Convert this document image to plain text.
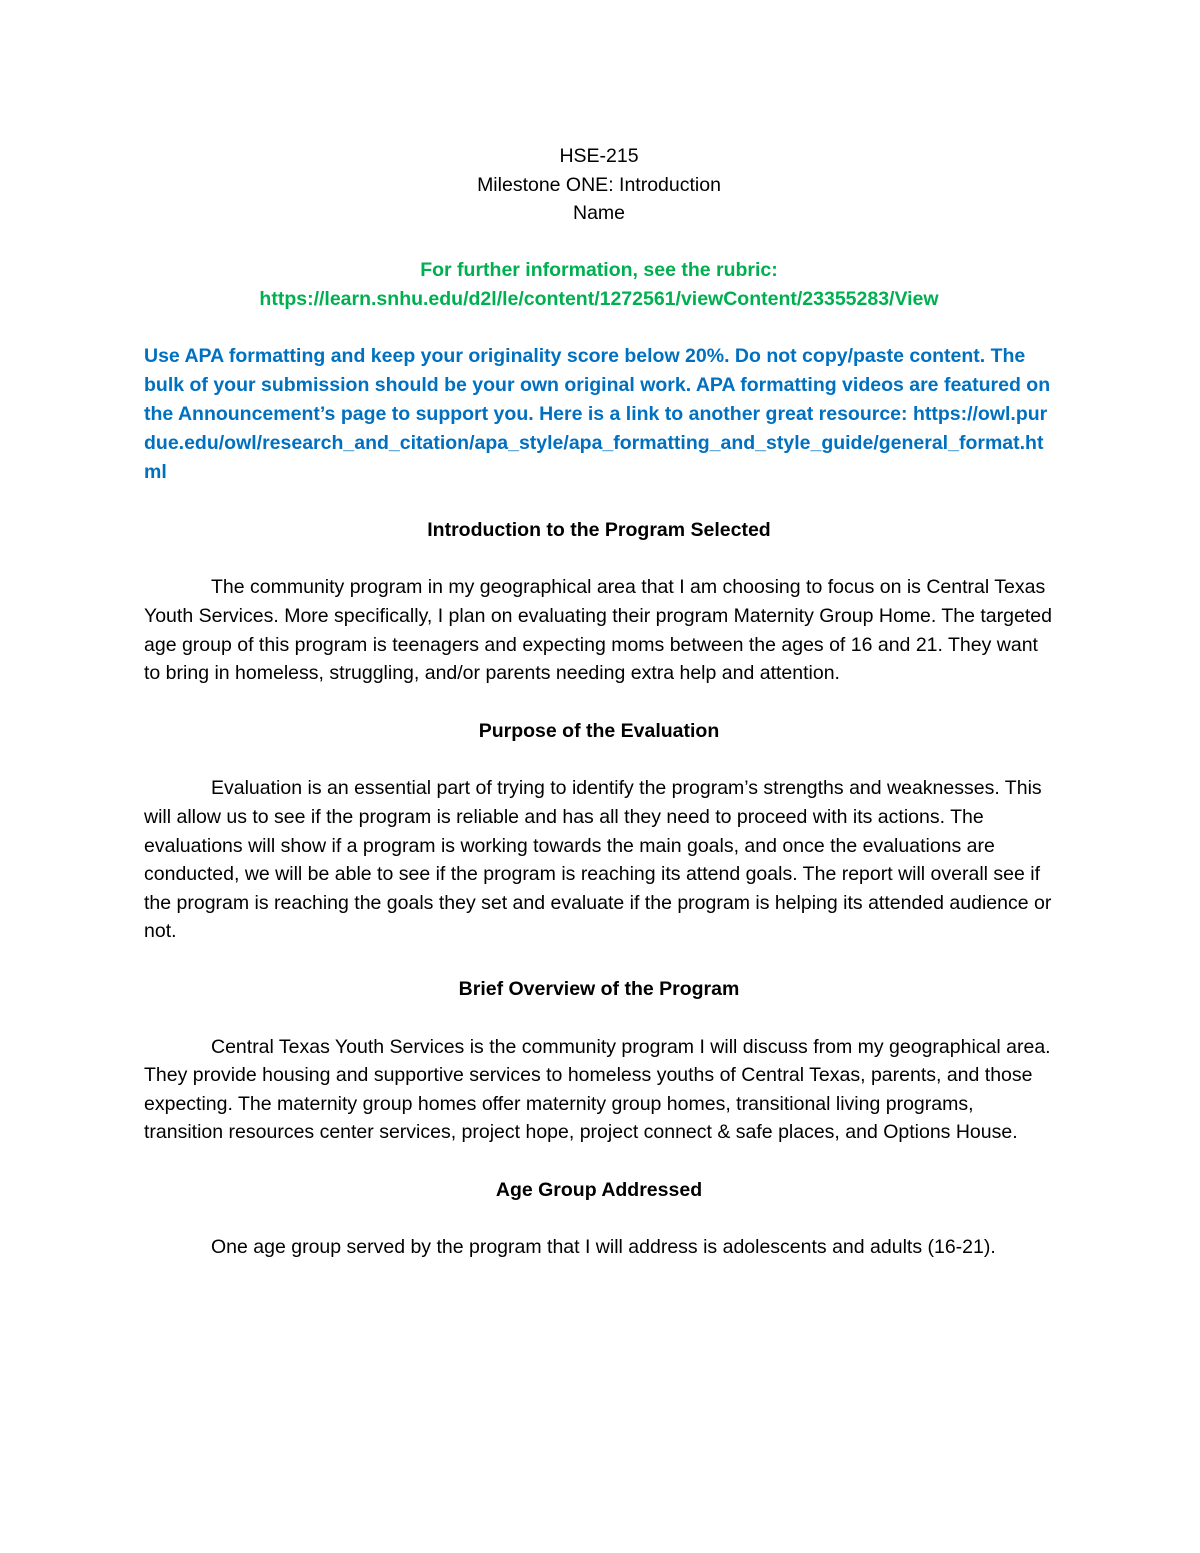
HSE-215

Milestone ONE: Introduction

Name

For further information, see the rubric:

https://learn.snhu.edu/d2l/le/content/1272561/viewContent/23355283/View

Use APA formatting and keep your originality score below 20%. Do not copy/paste content. The bulk of your submission should be your own original work. APA formatting videos are featured on the Announcement’s page to support you. Here is a link to another great resource: https://owl.purdue.edu/owl/research_and_citation/apa_style/apa_formatting_and_style_guide/general_format.html

Introduction to the Program Selected

The community program in my geographical area that I am choosing to focus on is Central Texas Youth Services. More specifically, I plan on evaluating their program Maternity Group Home. The targeted age group of this program is teenagers and expecting moms between the ages of 16 and 21. They want to bring in homeless, struggling, and/or parents needing extra help and attention.

Purpose of the Evaluation

Evaluation is an essential part of trying to identify the program’s strengths and weaknesses. This will allow us to see if the program is reliable and has all they need to proceed with its actions. The evaluations will show if a program is working towards the main goals, and once the evaluations are conducted, we will be able to see if the program is reaching its attend goals. The report will overall see if the program is reaching the goals they set and evaluate if the program is helping its attended audience or not.

Brief Overview of the Program

Central Texas Youth Services is the community program I will discuss from my geographical area. They provide housing and supportive services to homeless youths of Central Texas, parents, and those expecting. The maternity group homes offer maternity group homes, transitional living programs, transition resources center services, project hope, project connect & safe places, and Options House.

Age Group Addressed

One age group served by the program that I will address is adolescents and adults (16-21).
